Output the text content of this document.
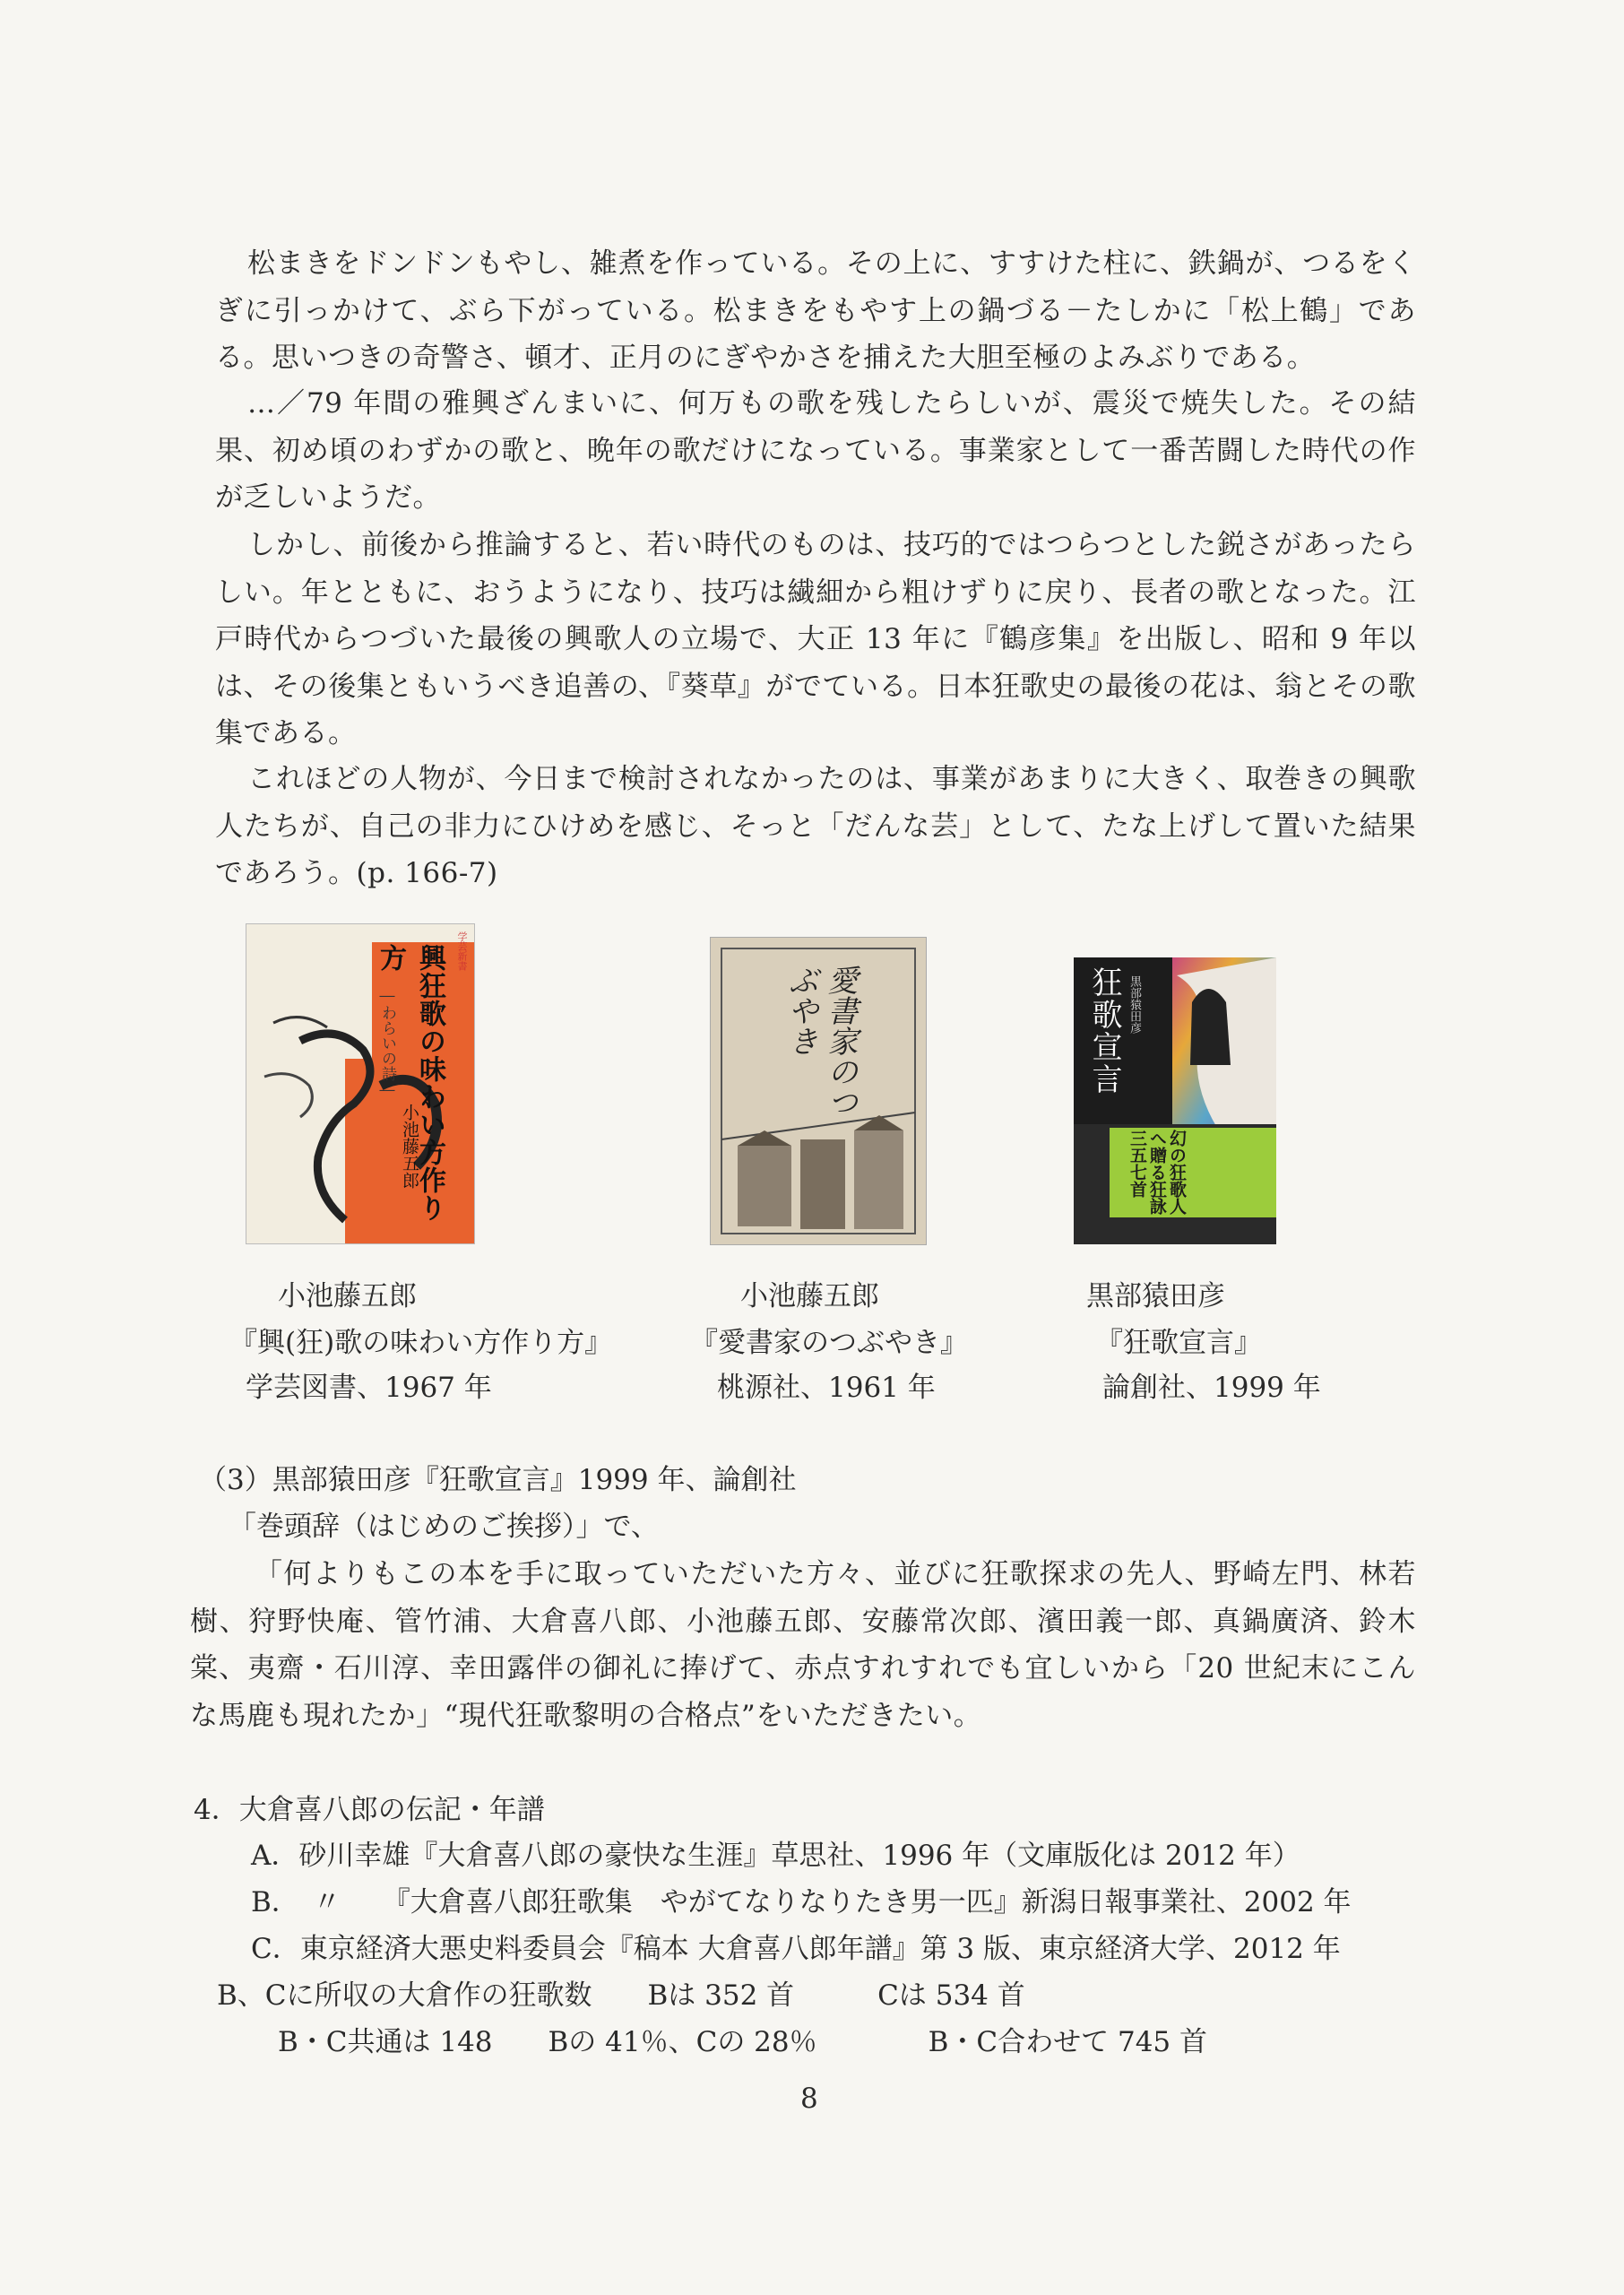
松まきをドンドンもやし、雑煮を作っている。その上に、すすけた柱に、鉄鍋が、つるをくぎに引っかけて、ぶら下がっている。松まきをもやす上の鍋づる－たしかに「松上鶴」である。思いつきの奇警さ、頓才、正月のにぎやかさを捕えた大胆至極のよみぶりである。

…／79 年間の雅興ざんまいに、何万もの歌を残したらしいが、震災で焼失した。その結果、初め頃のわずかの歌と、晩年の歌だけになっている。事業家として一番苦闘した時代の作が乏しいようだ。

しかし、前後から推論すると、若い時代のものは、技巧的ではつらつとした鋭さがあったらしい。年とともに、おうようになり、技巧は繊細から粗けずりに戻り、長者の歌となった。江戸時代からつづいた最後の興歌人の立場で、大正 13 年に『鶴彦集』を出版し、昭和 9 年以は、その後集ともいうべき追善の、『葵草』がでている。日本狂歌史の最後の花は、翁とその歌集である。

これほどの人物が、今日まで検討されなかったのは、事業があまりに大きく、取巻きの興歌人たちが、自己の非力にひけめを感じ、そっと「だんな芸」として、たな上げして置いた結果であろう。(p. 166-7)

興狂歌の味わい方作り方

―わらいの詩―

小池藤五郎

学芸新書

愛書家のつぶやき	狂歌宣言 黒部猿田彦

幻の狂歌人へ贈る狂詠三五七首

小池藤五郎

『興(狂)歌の味わい方作り方』

学芸図書、1967 年

小池藤五郎

『愛書家のつぶやき』

桃源社、1961 年

黒部猿田彦

『狂歌宣言』

論創社、1999 年

（3）黒部猿田彦『狂歌宣言』1999 年、論創社

「巻頭辞（はじめのご挨拶）」で、

「何よりもこの本を手に取っていただいた方々、並びに狂歌探求の先人、野崎左門、林若樹、狩野快庵、管竹浦、大倉喜八郎、小池藤五郎、安藤常次郎、濱田義一郎、真鍋廣済、鈴木棠、夷齋・石川淳、幸田露伴の御礼に捧げて、赤点すれすれでも宜しいから「20 世紀末にこんな馬鹿も現れたか」“現代狂歌黎明の合格点”をいただきたい。

4．大倉喜八郎の伝記・年譜

A．砂川幸雄『大倉喜八郎の豪快な生涯』草思社、1996 年（文庫版化は 2012 年）

B．　〃　　『大倉喜八郎狂歌集　やがてなりなりたき男一匹』新潟日報事業社、2002 年

C．東京経済大悪史料委員会『稿本 大倉喜八郎年譜』第 3 版、東京経済大学、2012 年

B、Cに所収の大倉作の狂歌数　　Bは 352 首　　　Cは 534 首

B・C共通は 148　　Bの 41％、Cの 28％　　　　B・C合わせて 745 首

8
